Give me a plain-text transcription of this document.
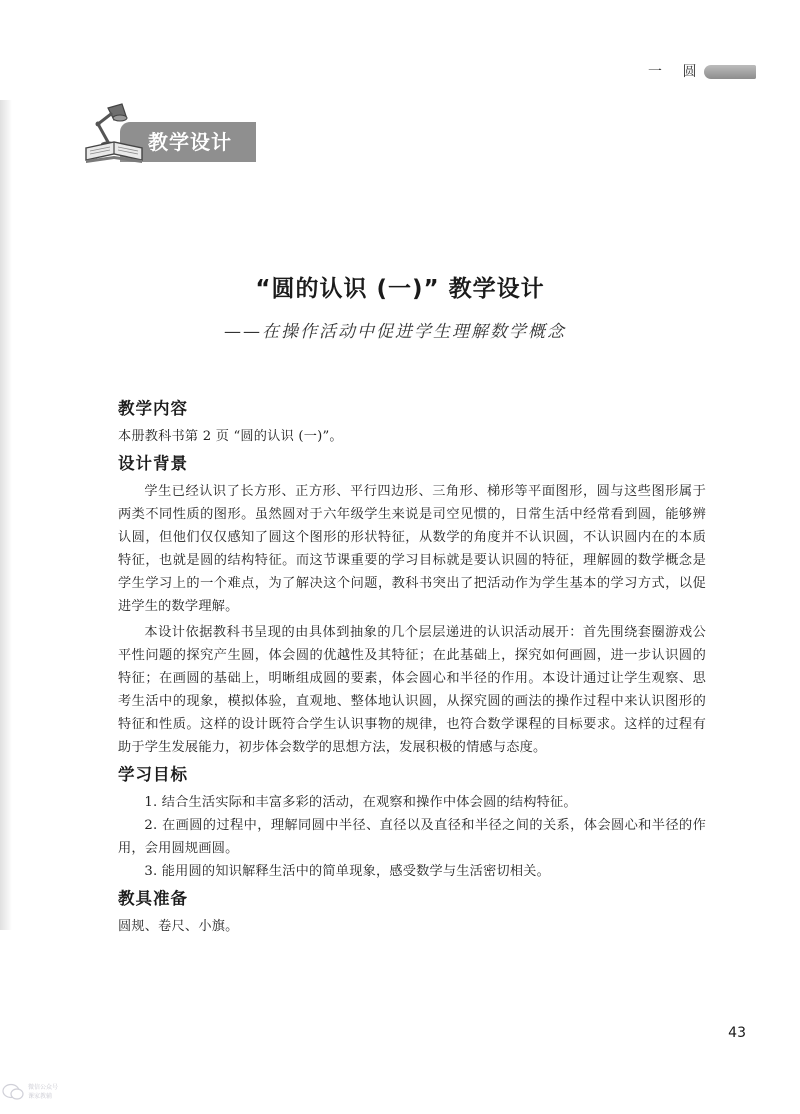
一 圆
教学设计
“圆的认识 (一)” 教学设计
——在操作活动中促进学生理解数学概念
教学内容

本册教科书第 2 页 “圆的认识 (一)”。

设计背景

学生已经认识了长方形、正方形、平行四边形、三角形、梯形等平面图形，圆与这些图形属于两类不同性质的图形。虽然圆对于六年级学生来说是司空见惯的，日常生活中经常看到圆，能够辨认圆，但他们仅仅感知了圆这个图形的形状特征，从数学的角度并不认识圆，不认识圆内在的本质特征，也就是圆的结构特征。而这节课重要的学习目标就是要认识圆的特征，理解圆的数学概念是学生学习上的一个难点，为了解决这个问题，教科书突出了把活动作为学生基本的学习方式，以促进学生的数学理解。

本设计依据教科书呈现的由具体到抽象的几个层层递进的认识活动展开：首先围绕套圈游戏公平性问题的探究产生圆，体会圆的优越性及其特征；在此基础上，探究如何画圆，进一步认识圆的特征；在画圆的基础上，明晰组成圆的要素，体会圆心和半径的作用。本设计通过让学生观察、思考生活中的现象，模拟体验，直观地、整体地认识圆，从探究圆的画法的操作过程中来认识图形的特征和性质。这样的设计既符合学生认识事物的规律，也符合数学课程的目标要求。这样的过程有助于学生发展能力，初步体会数学的思想方法，发展积极的情感与态度。

学习目标

1. 结合生活实际和丰富多彩的活动，在观察和操作中体会圆的结构特征。

2. 在画圆的过程中，理解同圆中半径、直径以及直径和半径之间的关系，体会圆心和半径的作用，会用圆规画圆。

3. 能用圆的知识解释生活中的简单现象，感受数学与生活密切相关。

教具准备

圆规、卷尺、小旗。

43
微信公众号
课家教辅
